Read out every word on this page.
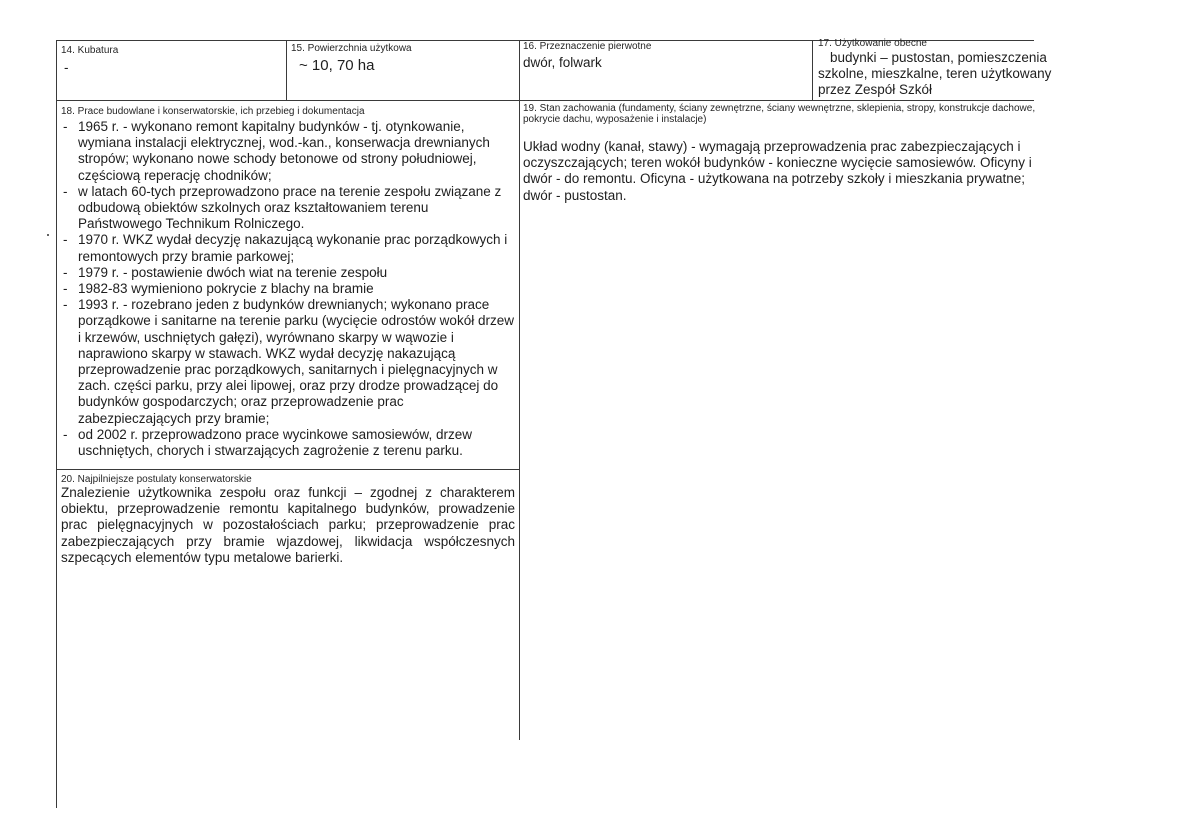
14. Kubatura
-
15. Powierzchnia użytkowa
~ 10, 70 ha
16. Przeznaczenie pierwotne
dwór, folwark
17. Użytkowanie obecne
budynki – pustostan, pomieszczenia
szkolne, mieszkalne, teren użytkowany
przez Zespół Szkół
18. Prace budowlane i konserwatorskie, ich przebieg i dokumentacja
- 1965 r. - wykonano remont kapitalny budynków - tj. otynkowanie, wymiana instalacji elektrycznej, wod.-kan., konserwacja drewnianych stropów; wykonano nowe schody betonowe od strony południowej, częściową reperację chodników;
- w latach 60-tych przeprowadzono prace na terenie zespołu związane z odbudową obiektów szkolnych oraz kształtowaniem terenu Państwowego Technikum Rolniczego.
- 1970 r. WKZ wydał decyzję nakazującą wykonanie prac porządkowych i remontowych przy bramie parkowej;
- 1979 r. - postawienie dwóch wiat na terenie zespołu
- 1982-83 wymieniono pokrycie z blachy na bramie
- 1993 r. - rozebrano jeden z budynków drewnianych; wykonano prace porządkowe i sanitarne na terenie parku (wycięcie odrostów wokół drzew i krzewów, uschniętych gałęzi), wyrównano skarpy w wąwozie i naprawiono skarpy w stawach. WKZ wydał decyzję nakazującą przeprowadzenie prac porządkowych, sanitarnych i pielęgnacyjnych w zach. części parku, przy alei lipowej, oraz przy drodze prowadzącej do budynków gospodarczych; oraz przeprowadzenie prac zabezpieczających przy bramie;
- od 2002 r. przeprowadzono prace wycinkowe samosiewów, drzew uschniętych, chorych i stwarzających zagrożenie z terenu parku.
19. Stan zachowania (fundamenty, ściany zewnętrzne, ściany wewnętrzne, sklepienia, stropy, konstrukcje dachowe, pokrycie dachu, wyposażenie i instalacje)
Układ wodny (kanał, stawy) - wymagają przeprowadzenia prac zabezpieczających i oczyszczających; teren wokół budynków - konieczne wycięcie samosiewów. Oficyny i dwór - do remontu. Oficyna - użytkowana na potrzeby szkoły i mieszkania prywatne; dwór - pustostan.
20. Najpilniejsze postulaty konserwatorskie
Znalezienie użytkownika zespołu oraz funkcji – zgodnej z charakterem obiektu, przeprowadzenie remontu kapitalnego budynków, prowadzenie prac pielęgnacyjnych w pozostałościach parku; przeprowadzenie prac zabezpieczających przy bramie wjazdowej, likwidacja współczesnych szpecących elementów typu metalowe barierki.
